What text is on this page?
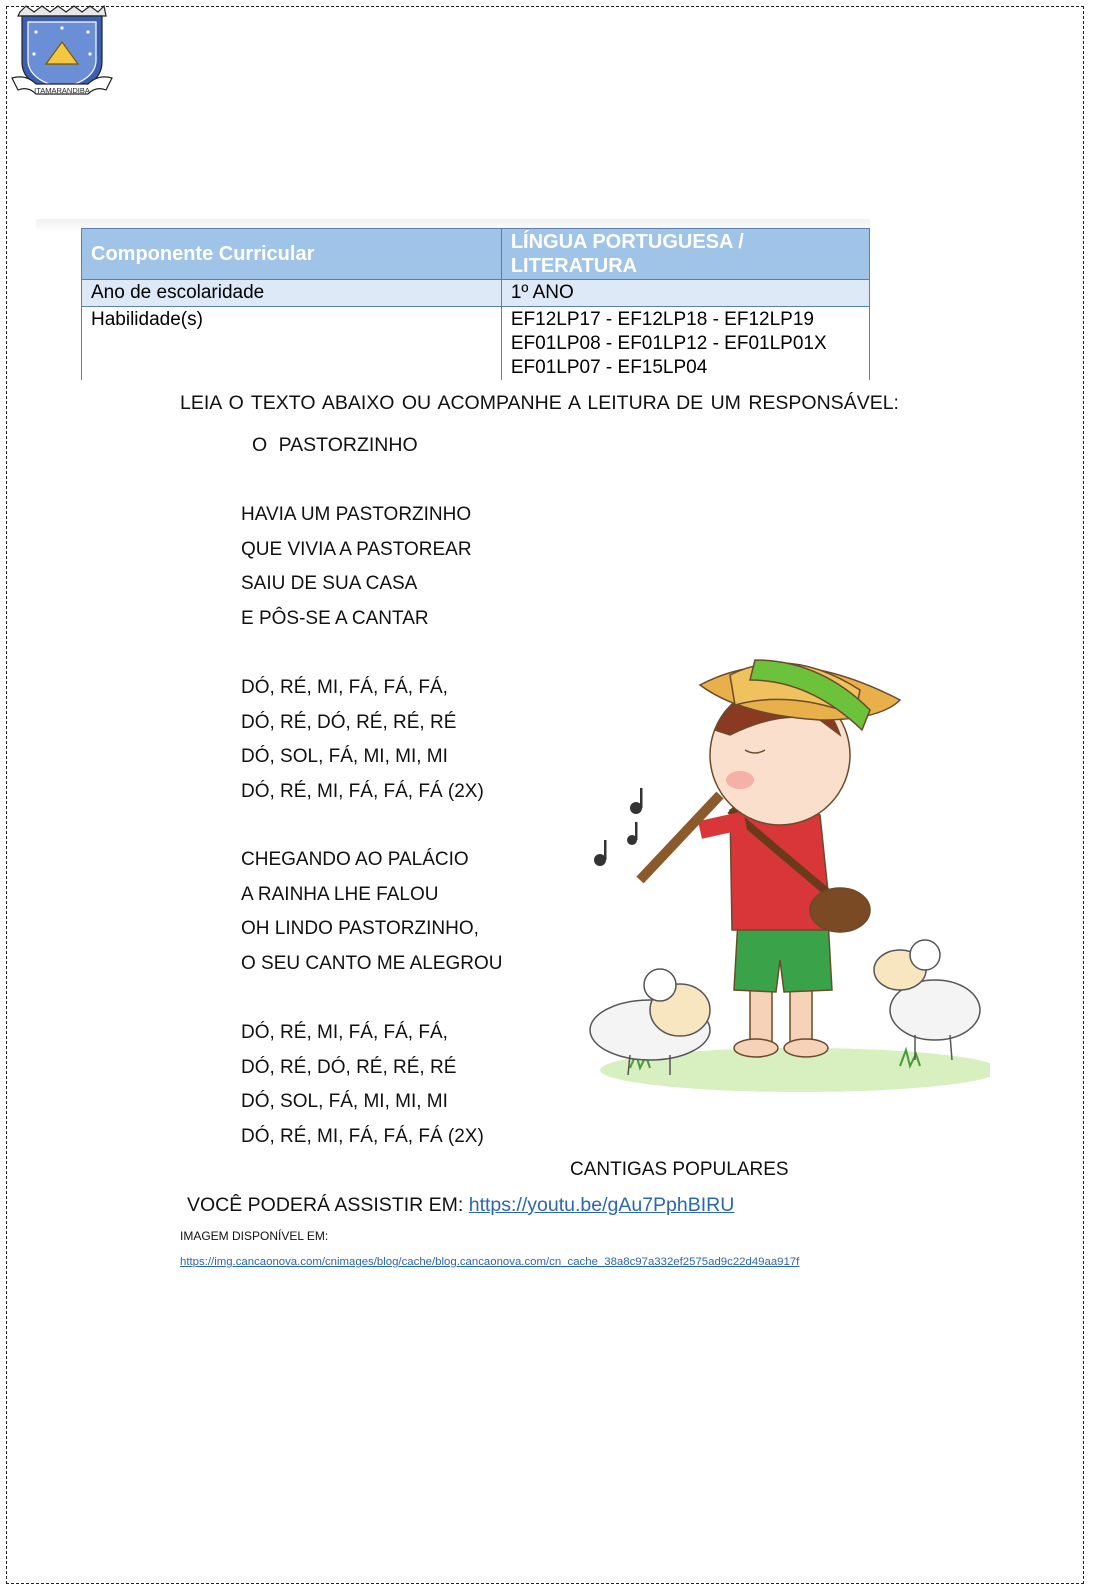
ITAMARANDIBA
Componente Curricular	LÍNGUA PORTUGUESA /
LITERATURA

Ano de escolaridade	1º ANO
Habilidade(s)	EF12LP17 - EF12LP18 - EF12LP19
EF01LP08 - EF01LP12 - EF01LP01X
EF01LP07 - EF15LP04

LEIA O TEXTO ABAIXO OU ACOMPANHE A LEITURA DE UM RESPONSÁVEL:
O PASTORZINHO
HAVIA UM PASTORZINHO
QUE VIVIA A PASTOREAR
SAIU DE SUA CASA
E PÔS-SE A CANTAR
DÓ, RÉ, MI, FÁ, FÁ, FÁ,
DÓ, RÉ, DÓ, RÉ, RÉ, RÉ
DÓ, SOL, FÁ, MI, MI, MI
DÓ, RÉ, MI, FÁ, FÁ, FÁ (2X)
CHEGANDO AO PALÁCIO
A RAINHA LHE FALOU
OH LINDO PASTORZINHO,
O SEU CANTO ME ALEGROU
DÓ, RÉ, MI, FÁ, FÁ, FÁ,
DÓ, RÉ, DÓ, RÉ, RÉ, RÉ
DÓ, SOL, FÁ, MI, MI, MI
DÓ, RÉ, MI, FÁ, FÁ, FÁ (2X)
CANTIGAS POPULARES
VOCÊ PODERÁ ASSISTIR EM: https://youtu.be/gAu7PphBIRU
IMAGEM DISPONÍVEL EM:
https://img.cancaonova.com/cnimages/blog/cache/blog.cancaonova.com/cn_cache_38a8c97a332ef2575ad9c22d49aa917f
